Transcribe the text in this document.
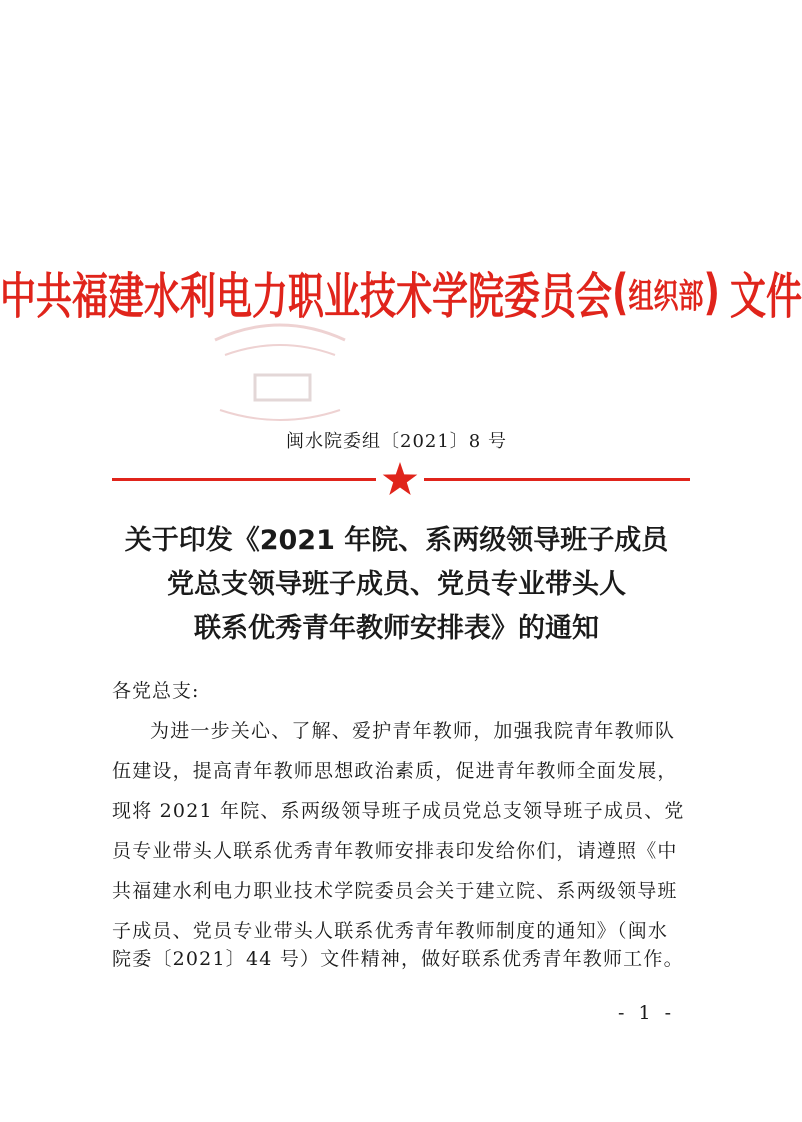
中共福建水利电力职业技术学院委员会(组织部) 文件
闽水院委组〔2021〕8 号
关于印发《2021 年院、系两级领导班子成员
党总支领导班子成员、党员专业带头人
联系优秀青年教师安排表》的通知
各党总支:
为进一步关心、了解、爱护青年教师，加强我院青年教师队
伍建设，提高青年教师思想政治素质，促进青年教师全面发展，
现将 2021 年院、系两级领导班子成员党总支领导班子成员、党
员专业带头人联系优秀青年教师安排表印发给你们，请遵照《中
共福建水利电力职业技术学院委员会关于建立院、系两级领导班
子成员、党员专业带头人联系优秀青年教师制度的通知》（闽水
院委〔2021〕44 号）文件精神，做好联系优秀青年教师工作。
- 1 -
